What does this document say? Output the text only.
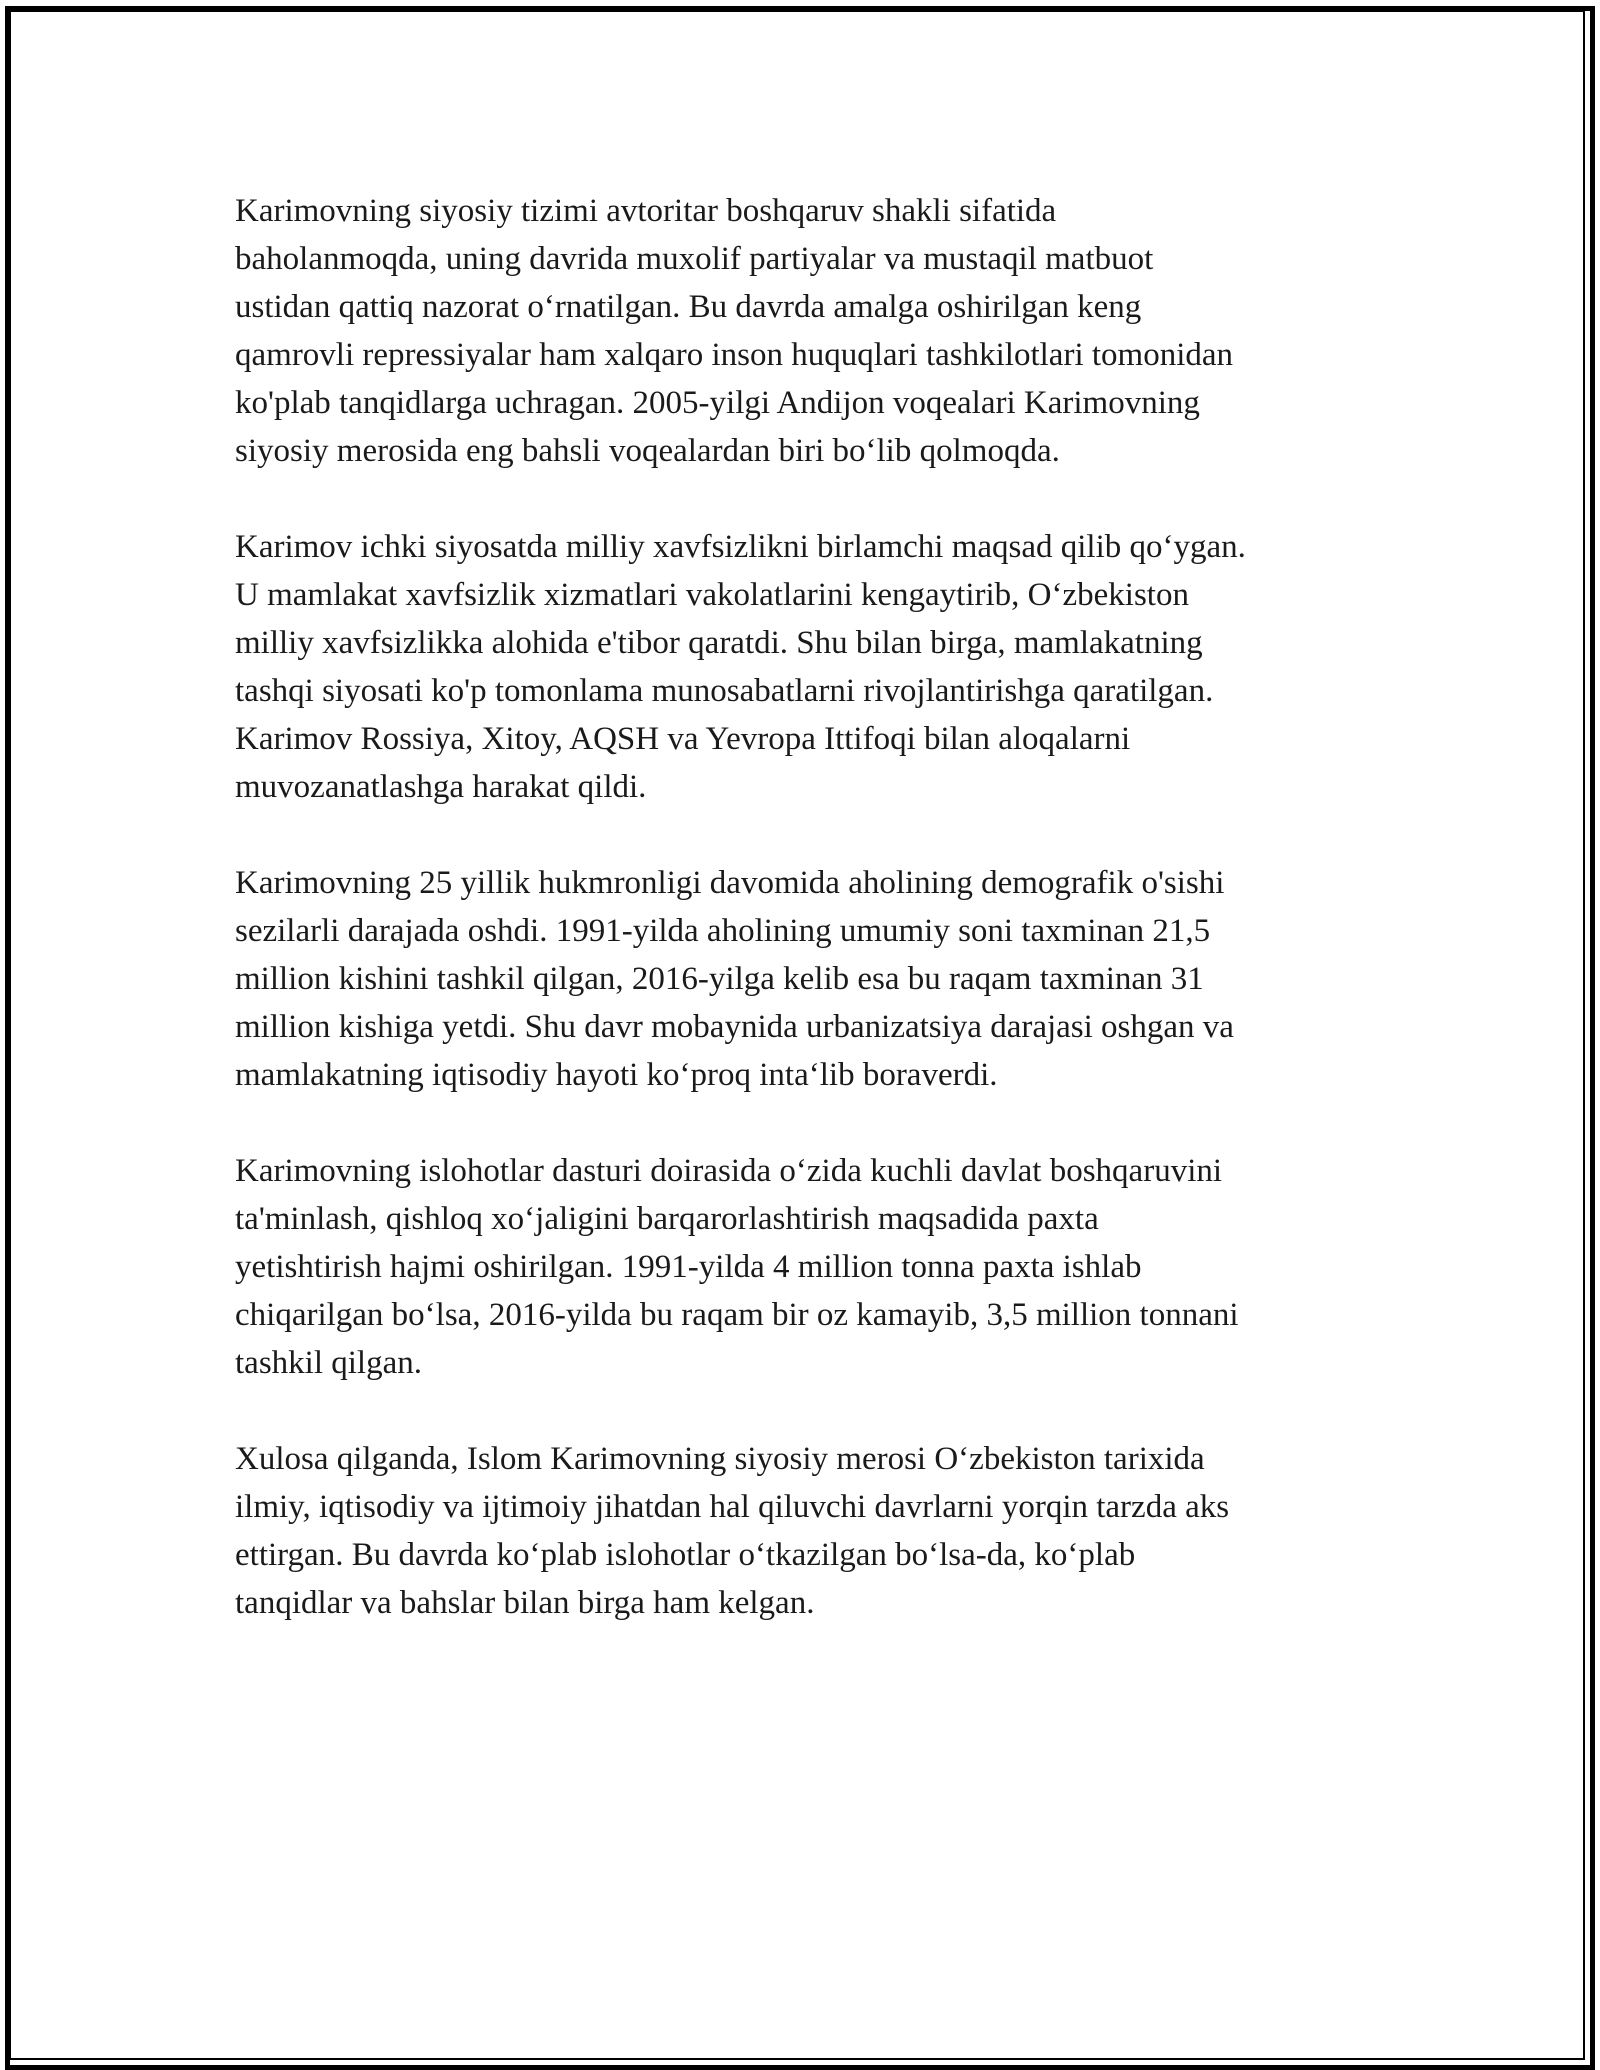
Karimovning siyosiy tizimi avtoritar boshqaruv shakli sifatida
baholanmoqda, uning davrida muxolif partiyalar va mustaqil matbuot
ustidan qattiq nazorat o‘rnatilgan. Bu davrda amalga oshirilgan keng
qamrovli repressiyalar ham xalqaro inson huquqlari tashkilotlari tomonidan
ko'plab tanqidlarga uchragan. 2005-yilgi Andijon voqealari Karimovning
siyosiy merosida eng bahsli voqealardan biri bo‘lib qolmoqda.

Karimov ichki siyosatda milliy xavfsizlikni birlamchi maqsad qilib qo‘ygan.
U mamlakat xavfsizlik xizmatlari vakolatlarini kengaytirib, O‘zbekiston
milliy xavfsizlikka alohida e'tibor qaratdi. Shu bilan birga, mamlakatning
tashqi siyosati ko'p tomonlama munosabatlarni rivojlantirishga qaratilgan.
Karimov Rossiya, Xitoy, AQSH va Yevropa Ittifoqi bilan aloqalarni
muvozanatlashga harakat qildi.

Karimovning 25 yillik hukmronligi davomida aholining demografik o'sishi
sezilarli darajada oshdi. 1991-yilda aholining umumiy soni taxminan 21,5
million kishini tashkil qilgan, 2016-yilga kelib esa bu raqam taxminan 31
million kishiga yetdi. Shu davr mobaynida urbanizatsiya darajasi oshgan va
mamlakatning iqtisodiy hayoti ko‘proq inta‘lib boraverdi.

Karimovning islohotlar dasturi doirasida o‘zida kuchli davlat boshqaruvini
ta'minlash, qishloq xo‘jaligini barqarorlashtirish maqsadida paxta
yetishtirish hajmi oshirilgan. 1991-yilda 4 million tonna paxta ishlab
chiqarilgan bo‘lsa, 2016-yilda bu raqam bir oz kamayib, 3,5 million tonnani
tashkil qilgan.

Xulosa qilganda, Islom Karimovning siyosiy merosi O‘zbekiston tarixida
ilmiy, iqtisodiy va ijtimoiy jihatdan hal qiluvchi davrlarni yorqin tarzda aks
ettirgan. Bu davrda ko‘plab islohotlar o‘tkazilgan bo‘lsa-da, ko‘plab
tanqidlar va bahslar bilan birga ham kelgan.
